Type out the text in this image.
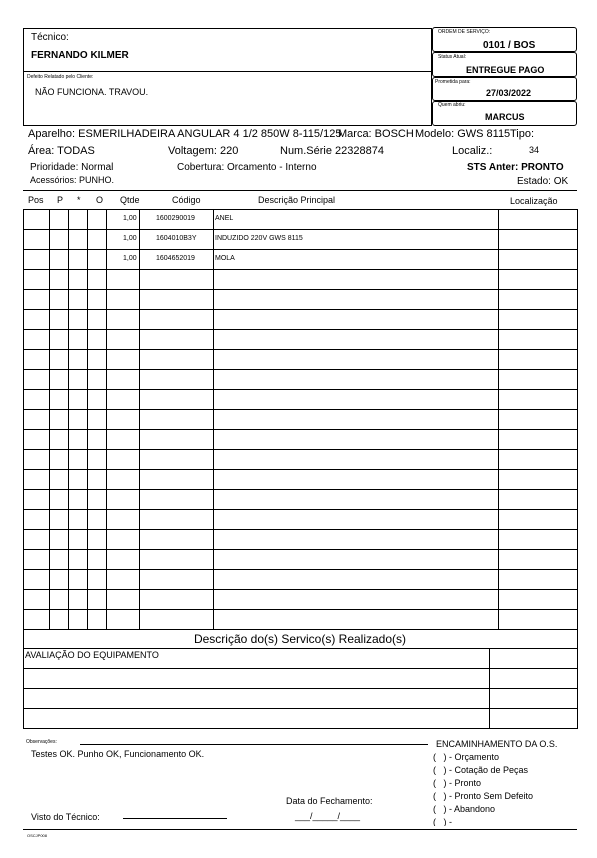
Técnico:
FERNANDO KILMER
Defeito Relatado pelo Cliente:
NÃO FUNCIONA. TRAVOU.
ORDEM DE SERVIÇO:
0101 / BOS
Status Atual:
ENTREGUE PAGO
Prometida para:
27/03/2022
Quem abriu:
MARCUS
Aparelho: ESMERILHADEIRA ANGULAR 4 1/2 850W 8-115/125
Marca: BOSCH Modelo: GWS 8115 Tipo:
Área: TODAS	Voltagem: 220	Num.Série 22328874	Localiz.:	34
Prioridade: Normal	Cobertura: Orcamento - Interno	STS Anter: PRONTO
Acessórios: PUNHO.	Estado: OK
Pos P * O Qtde	Código	Descrição Principal	Localização
1,00	1600290019	ANEL
1,00	1604010B3Y	INDUZIDO 220V GWS 8115
1,00	1604652019	MOLA
Descrição do(s) Servico(s) Realizado(s)
AVALIAÇÃO DO EQUIPAMENTO
Observações:
Testes OK. Punho OK, Funcionamento OK.
Visto do Técnico:
Data do Fechamento:
___/_____/____
ENCAMINHAMENTO DA O.S.
(   ) - Orçamento
(   ) - Cotação de Peças
(   ) - Pronto
(   ) - Pronto Sem Defeito
(   ) - Abandono
(   ) -
OSCJP008
